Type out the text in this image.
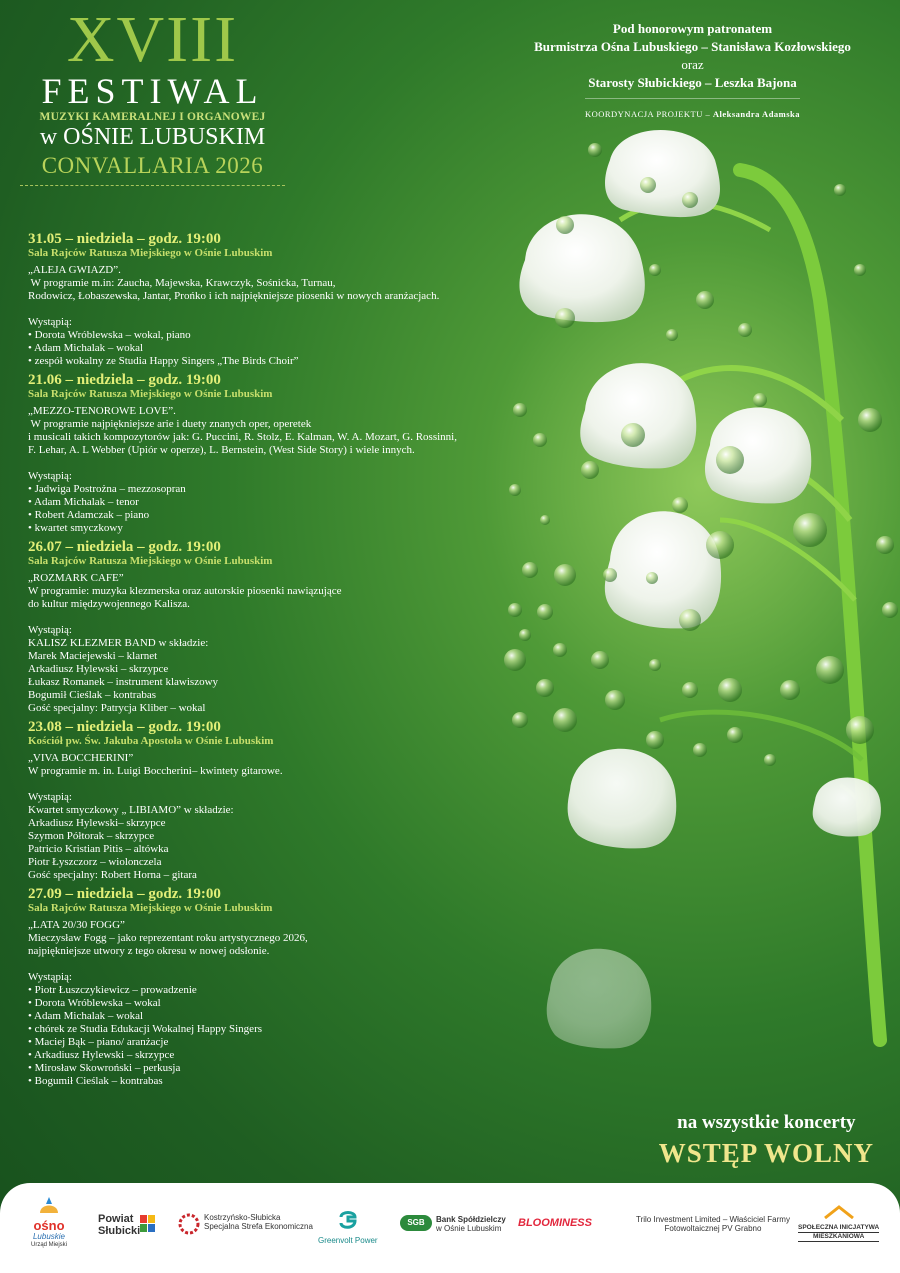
XVIII
FESTIWAL
MUZYKI KAMERALNEJ I ORGANOWEJ
w OŚNIE LUBUSKIM
CONVALLARIA 2026
Pod honorowym patronatem
Burmistrza Ośna Lubuskiego – Stanisława Kozłowskiego
oraz
Starosty Słubickiego – Leszka Bajona
KOORDYNACJA PROJEKTU – Aleksandra Adamska
31.05 – niedziela – godz. 19:00
Sala Rajców Ratusza Miejskiego w Ośnie Lubuskim
„ALEJA GWIAZD”.
W programie m.in: Zaucha, Majewska, Krawczyk, Sośnicka, Turnau,
Rodowicz, Łobaszewska, Jantar, Prońko i ich najpiękniejsze piosenki w nowych aranżacjach.
Wystąpią:
• Dorota Wróblewska – wokal, piano
• Adam Michalak – wokal
• zespół wokalny ze Studia Happy Singers „The Birds Choir”
21.06 – niedziela – godz. 19:00
Sala Rajców Ratusza Miejskiego w Ośnie Lubuskim
„MEZZO-TENOROWE LOVE”.
W programie najpiękniejsze arie i duety znanych oper, operetek
i musicali takich kompozytorów jak: G. Puccini, R. Stolz, E. Kalman, W. A. Mozart, G. Rossinni,
F. Lehar, A. L Webber (Upiór w operze), L. Bernstein, (West Side Story) i wiele innych.
Wystąpią:
• Jadwiga Postrożna – mezzosopran
• Adam Michalak – tenor
• Robert Adamczak – piano
• kwartet smyczkowy
26.07 – niedziela – godz. 19:00
Sala Rajców Ratusza Miejskiego w Ośnie Lubuskim
„ROZMARK CAFE”
W programie: muzyka klezmerska oraz autorskie piosenki nawiązujące
do kultur międzywojennego Kalisza.
Wystąpią:
KALISZ KLEZMER BAND w składzie:
Marek Maciejewski – klarnet
Arkadiusz Hylewski – skrzypce
Łukasz Romanek – instrument klawiszowy
Bogumił Cieślak – kontrabas
Gość specjalny: Patrycja Kliber – wokal
23.08 – niedziela – godz. 19:00
Kościół pw. Św. Jakuba Apostoła w Ośnie Lubuskim
„VIVA BOCCHERINI”
W programie m. in. Luigi Boccherini– kwintety gitarowe.
Wystąpią:
Kwartet smyczkowy „ LIBIAMO” w składzie:
Arkadiusz Hylewski– skrzypce
Szymon Półtorak – skrzypce
Patricio Kristian Pitis – altówka
Piotr Łyszczorz – wiolonczela
Gość specjalny: Robert Horna – gitara
27.09 – niedziela – godz. 19:00
Sala Rajców Ratusza Miejskiego w Ośnie Lubuskim
„LATA 20/30 FOGG”
Mieczysław Fogg – jako reprezentant roku artystycznego 2026,
najpiękniejsze utwory z tego okresu w nowej odsłonie.
Wystąpią:
• Piotr Łuszczykiewicz – prowadzenie
• Dorota Wróblewska – wokal
• Adam Michalak – wokal
• chórek ze Studia Edukacji Wokalnej Happy Singers
• Maciej Bąk – piano/ aranżacje
• Arkadiusz Hylewski – skrzypce
• Mirosław Skowroński – perkusja
• Bogumił Cieślak – kontrabas
na wszystkie koncerty
WSTĘP WOLNY
ośno
Lubuskie
Urząd Miejski
Powiat
Słubicki
Kostrzyńsko-Słubicka
Specjalna Strefa Ekonomiczna
Greenvolt Power
SGB	Bank Spółdzielczy
w Ośnie Lubuskim	BLOOMINESS	Trilo Investment Limited – Właściciel Farmy
Fotowoltaicznej PV Grabno	SPOŁECZNA INICJATYWA
MIESZKANIOWA
